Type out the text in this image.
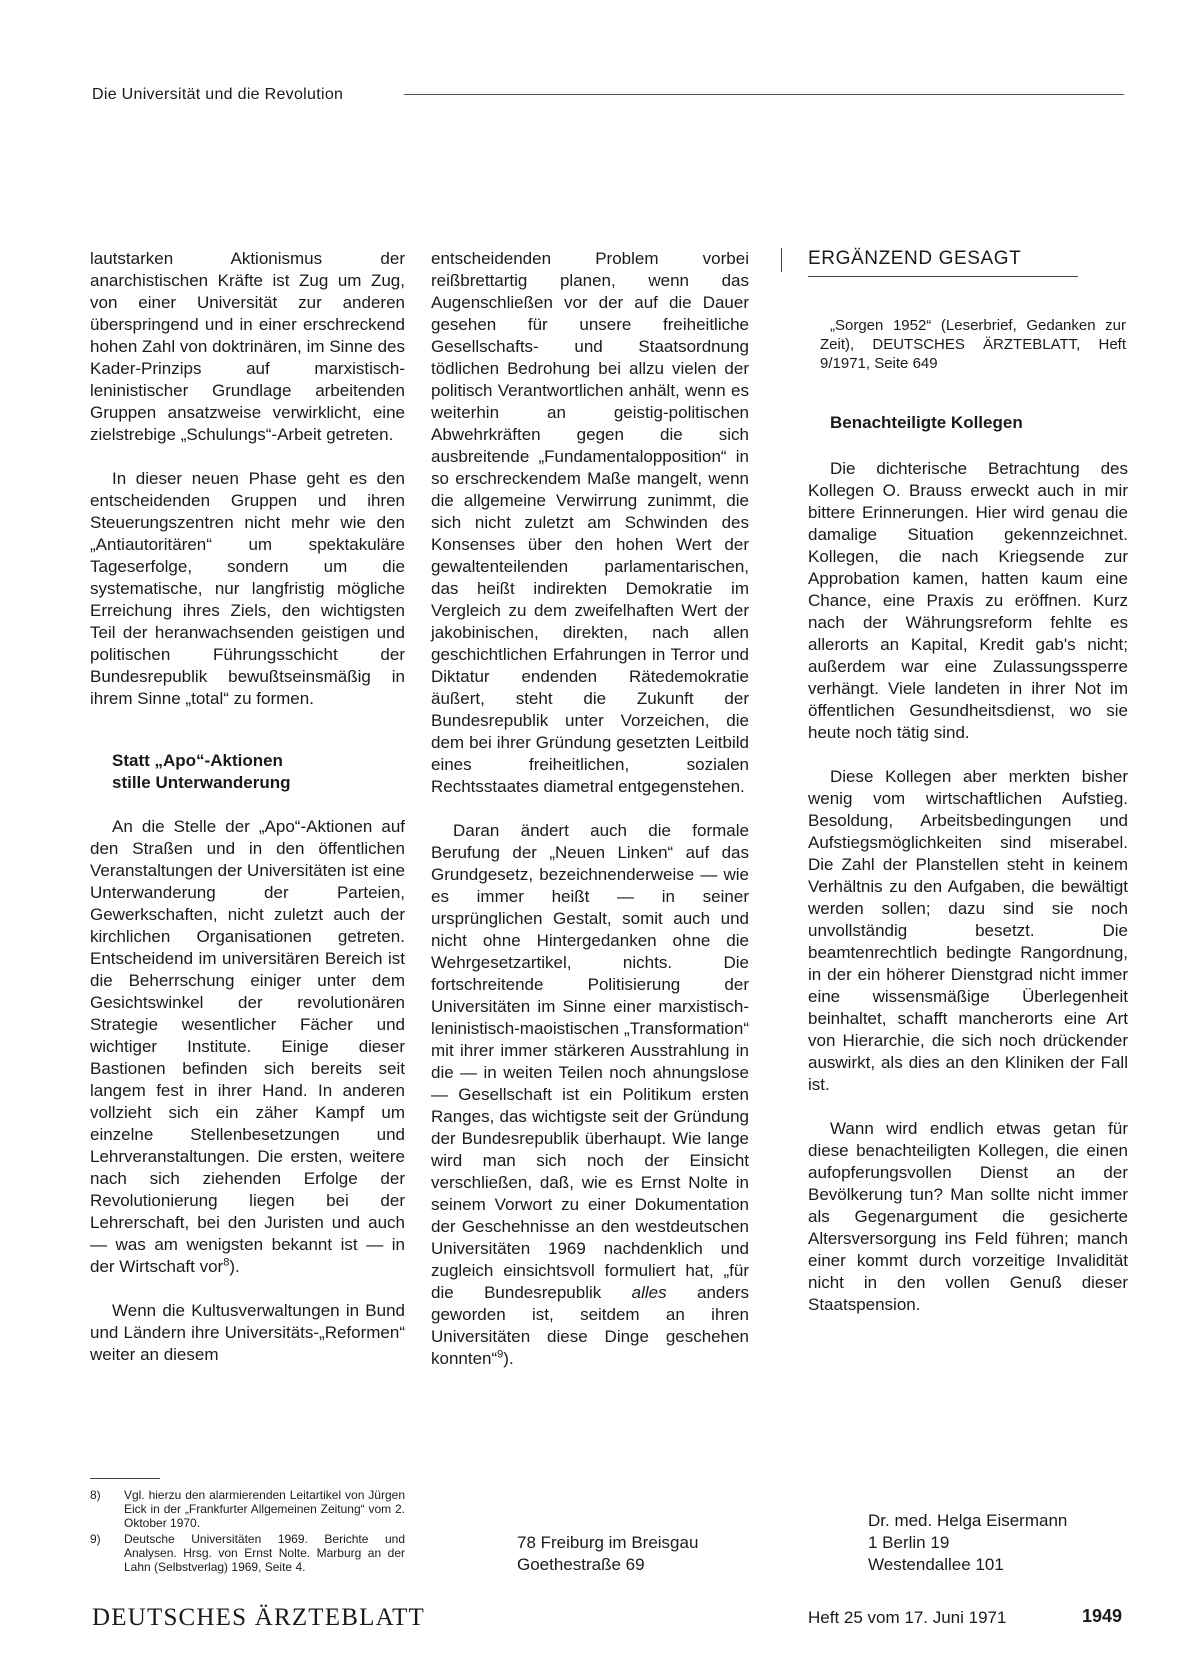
Die Universität und die Revolution

lautstarken Aktionismus der anarchistischen Kräfte ist Zug um Zug, von einer Universität zur anderen überspringend und in einer erschreckend hohen Zahl von doktrinären, im Sinne des Kader-Prinzips auf marxistisch-leninistischer Grundlage arbeitenden Gruppen ansatzweise verwirklicht, eine zielstrebige „Schulungs“-Arbeit getreten.

In dieser neuen Phase geht es den entscheidenden Gruppen und ihren Steuerungszentren nicht mehr wie den „Antiautoritären“ um spektakuläre Tageserfolge, sondern um die systematische, nur langfristig mögliche Erreichung ihres Ziels, den wichtigsten Teil der heranwachsenden geistigen und politischen Führungsschicht der Bundesrepublik bewußtseinsmäßig in ihrem Sinne „total“ zu formen.

Statt „Apo“-Aktionen
stille Unterwanderung

An die Stelle der „Apo“-Aktionen auf den Straßen und in den öffentlichen Veranstaltungen der Universitäten ist eine Unterwanderung der Parteien, Gewerkschaften, nicht zuletzt auch der kirchlichen Organisationen getreten. Entscheidend im universitären Bereich ist die Beherrschung einiger unter dem Gesichtswinkel der revolutionären Strategie wesentlicher Fächer und wichtiger Institute. Einige dieser Bastionen befinden sich bereits seit langem fest in ihrer Hand. In anderen vollzieht sich ein zäher Kampf um einzelne Stellenbesetzungen und Lehrveranstaltungen. Die ersten, weitere nach sich ziehenden Erfolge der Revolutionierung liegen bei der Lehrerschaft, bei den Juristen und auch — was am wenigsten bekannt ist — in der Wirtschaft vor$^8$).

Wenn die Kultusverwaltungen in Bund und Ländern ihre Universitäts-„Reformen“ weiter an diesem

8) Vgl. hierzu den alarmierenden Leitartikel von Jürgen Eick in der „Frankfurter Allgemeinen Zeitung“ vom 2. Oktober 1970.
9) Deutsche Universitäten 1969. Berichte und Analysen. Hrsg. von Ernst Nolte. Marburg an der Lahn (Selbstverlag) 1969, Seite 4.

entscheidenden Problem vorbei reißbrettartig planen, wenn das Augenschließen vor der auf die Dauer gesehen für unsere freiheitliche Gesellschafts- und Staatsordnung tödlichen Bedrohung bei allzu vielen der politisch Verantwortlichen anhält, wenn es weiterhin an geistig-politischen Abwehrkräften gegen die sich ausbreitende „Fundamentalopposition“ in so erschreckendem Maße mangelt, wenn die allgemeine Verwirrung zunimmt, die sich nicht zuletzt am Schwinden des Konsenses über den hohen Wert der gewaltenteilenden parlamentarischen, das heißt indirekten Demokratie im Vergleich zu dem zweifelhaften Wert der jakobinischen, direkten, nach allen geschichtlichen Erfahrungen in Terror und Diktatur endenden Rätedemokratie äußert, steht die Zukunft der Bundesrepublik unter Vorzeichen, die dem bei ihrer Gründung gesetzten Leitbild eines freiheitlichen, sozialen Rechtsstaates diametral entgegenstehen.

Daran ändert auch die formale Berufung der „Neuen Linken“ auf das Grundgesetz, bezeichnenderweise — wie es immer heißt — in seiner ursprünglichen Gestalt, somit auch und nicht ohne Hintergedanken ohne die Wehrgesetzartikel, nichts. Die fortschreitende Politisierung der Universitäten im Sinne einer marxistisch-leninistisch-maoistischen „Transformation“ mit ihrer immer stärkeren Ausstrahlung in die — in weiten Teilen noch ahnungslose — Gesellschaft ist ein Politikum ersten Ranges, das wichtigste seit der Gründung der Bundesrepublik überhaupt. Wie lange wird man sich noch der Einsicht verschließen, daß, wie es Ernst Nolte in seinem Vorwort zu einer Dokumentation der Geschehnisse an den westdeutschen Universitäten 1969 nachdenklich und zugleich einsichtsvoll formuliert hat, „für die Bundesrepublik alles anders geworden ist, seitdem an ihren Universitäten diese Dinge geschehen konnten“$^9$).

78 Freiburg im Breisgau
Goethestraße 69
ERGÄNZEND GESAGT

„Sorgen 1952“ (Leserbrief, Gedanken zur Zeit), DEUTSCHES ÄRZTEBLATT, Heft 9/1971, Seite 649

Benachteiligte Kollegen

Die dichterische Betrachtung des Kollegen O. Brauss erweckt auch in mir bittere Erinnerungen. Hier wird genau die damalige Situation gekennzeichnet. Kollegen, die nach Kriegsende zur Approbation kamen, hatten kaum eine Chance, eine Praxis zu eröffnen. Kurz nach der Währungsreform fehlte es allerorts an Kapital, Kredit gab's nicht; außerdem war eine Zulassungssperre verhängt. Viele landeten in ihrer Not im öffentlichen Gesundheitsdienst, wo sie heute noch tätig sind.

Diese Kollegen aber merkten bisher wenig vom wirtschaftlichen Aufstieg. Besoldung, Arbeitsbedingungen und Aufstiegsmöglichkeiten sind miserabel. Die Zahl der Planstellen steht in keinem Verhältnis zu den Aufgaben, die bewältigt werden sollen; dazu sind sie noch unvollständig besetzt. Die beamtenrechtlich bedingte Rangordnung, in der ein höherer Dienstgrad nicht immer eine wissensmäßige Überlegenheit beinhaltet, schafft mancherorts eine Art von Hierarchie, die sich noch drückender auswirkt, als dies an den Kliniken der Fall ist.

Wann wird endlich etwas getan für diese benachteiligten Kollegen, die einen aufopferungsvollen Dienst an der Bevölkerung tun? Man sollte nicht immer als Gegenargument die gesicherte Altersversorgung ins Feld führen; manch einer kommt durch vorzeitige Invalidität nicht in den vollen Genuß dieser Staatspension.

Dr. med. Helga Eisermann
1 Berlin 19
Westendallee 101
DEUTSCHES ÄRZTEBLATT	Heft 25 vom 17. Juni 1971	1949
